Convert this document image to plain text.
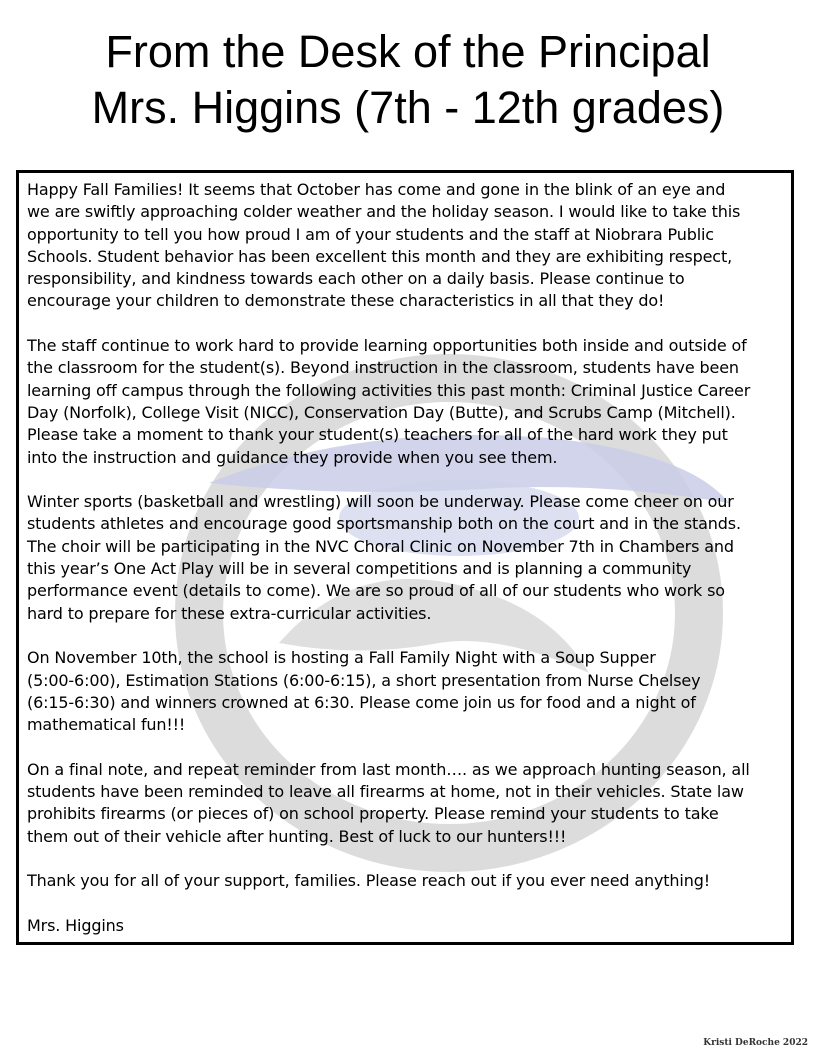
From the Desk of the Principal
Mrs. Higgins (7th - 12th grades)

Happy Fall Families! It seems that October has come and gone in the blink of an eye and
we are swiftly approaching colder weather and the holiday season. I would like to take this
opportunity to tell you how proud I am of your students and the staff at Niobrara Public
Schools. Student behavior has been excellent this month and they are exhibiting respect,
responsibility, and kindness towards each other on a daily basis. Please continue to
encourage your children to demonstrate these characteristics in all that they do!

The staff continue to work hard to provide learning opportunities both inside and outside of
the classroom for the student(s). Beyond instruction in the classroom, students have been
learning off campus through the following activities this past month: Criminal Justice Career
Day (Norfolk), College Visit (NICC), Conservation Day (Butte), and Scrubs Camp (Mitchell).
Please take a moment to thank your student(s) teachers for all of the hard work they put
into the instruction and guidance they provide when you see them.

Winter sports (basketball and wrestling) will soon be underway. Please come cheer on our
students athletes and encourage good sportsmanship both on the court and in the stands.
The choir will be participating in the NVC Choral Clinic on November 7th in Chambers and
this year’s One Act Play will be in several competitions and is planning a community
performance event (details to come). We are so proud of all of our students who work so
hard to prepare for these extra-curricular activities.

On November 10th, the school is hosting a Fall Family Night with a Soup Supper
(5:00-6:00), Estimation Stations (6:00-6:15), a short presentation from Nurse Chelsey
(6:15-6:30) and winners crowned at 6:30. Please come join us for food and a night of
mathematical fun!!!

On a final note, and repeat reminder from last month…. as we approach hunting season, all
students have been reminded to leave all firearms at home, not in their vehicles. State law
prohibits firearms (or pieces of) on school property. Please remind your students to take
them out of their vehicle after hunting. Best of luck to our hunters!!!

Thank you for all of your support, families. Please reach out if you ever need anything!

Mrs. Higgins

Kristi DeRoche 2022
